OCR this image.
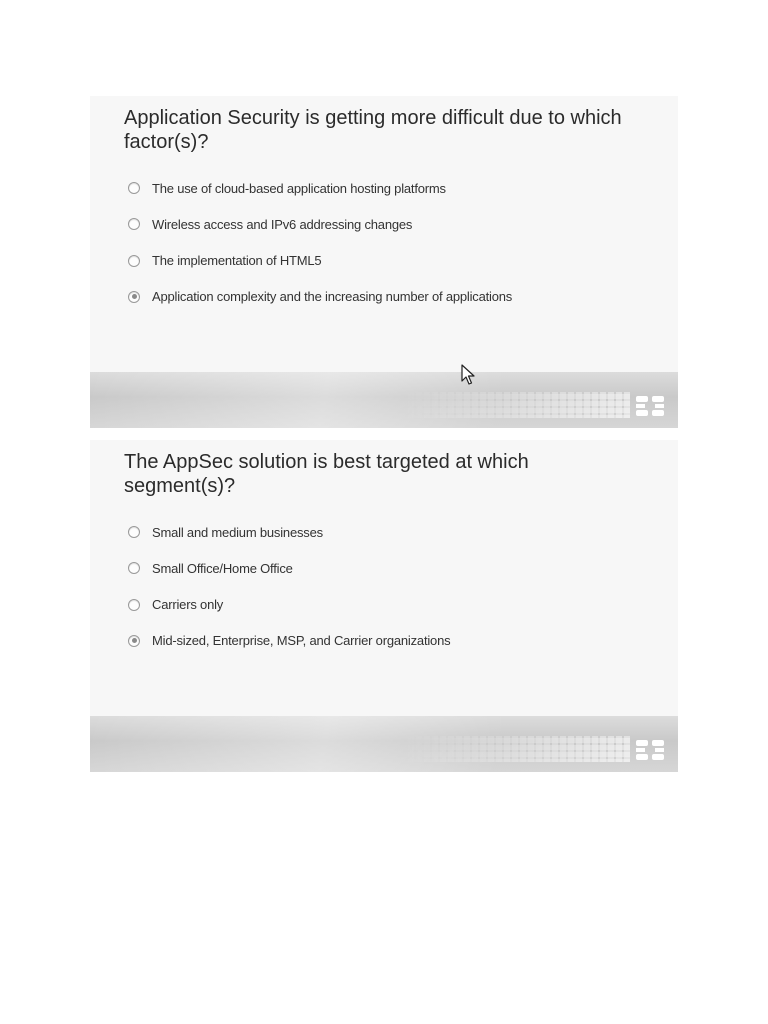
Application Security is getting more difficult due to which factor(s)?
The use of cloud-based application hosting platforms
Wireless access and IPv6 addressing changes
The implementation of HTML5
Application complexity and the increasing number of applications
The AppSec solution is best targeted at which segment(s)?
Small and medium businesses
Small Office/Home Office
Carriers only
Mid-sized, Enterprise, MSP, and Carrier organizations
